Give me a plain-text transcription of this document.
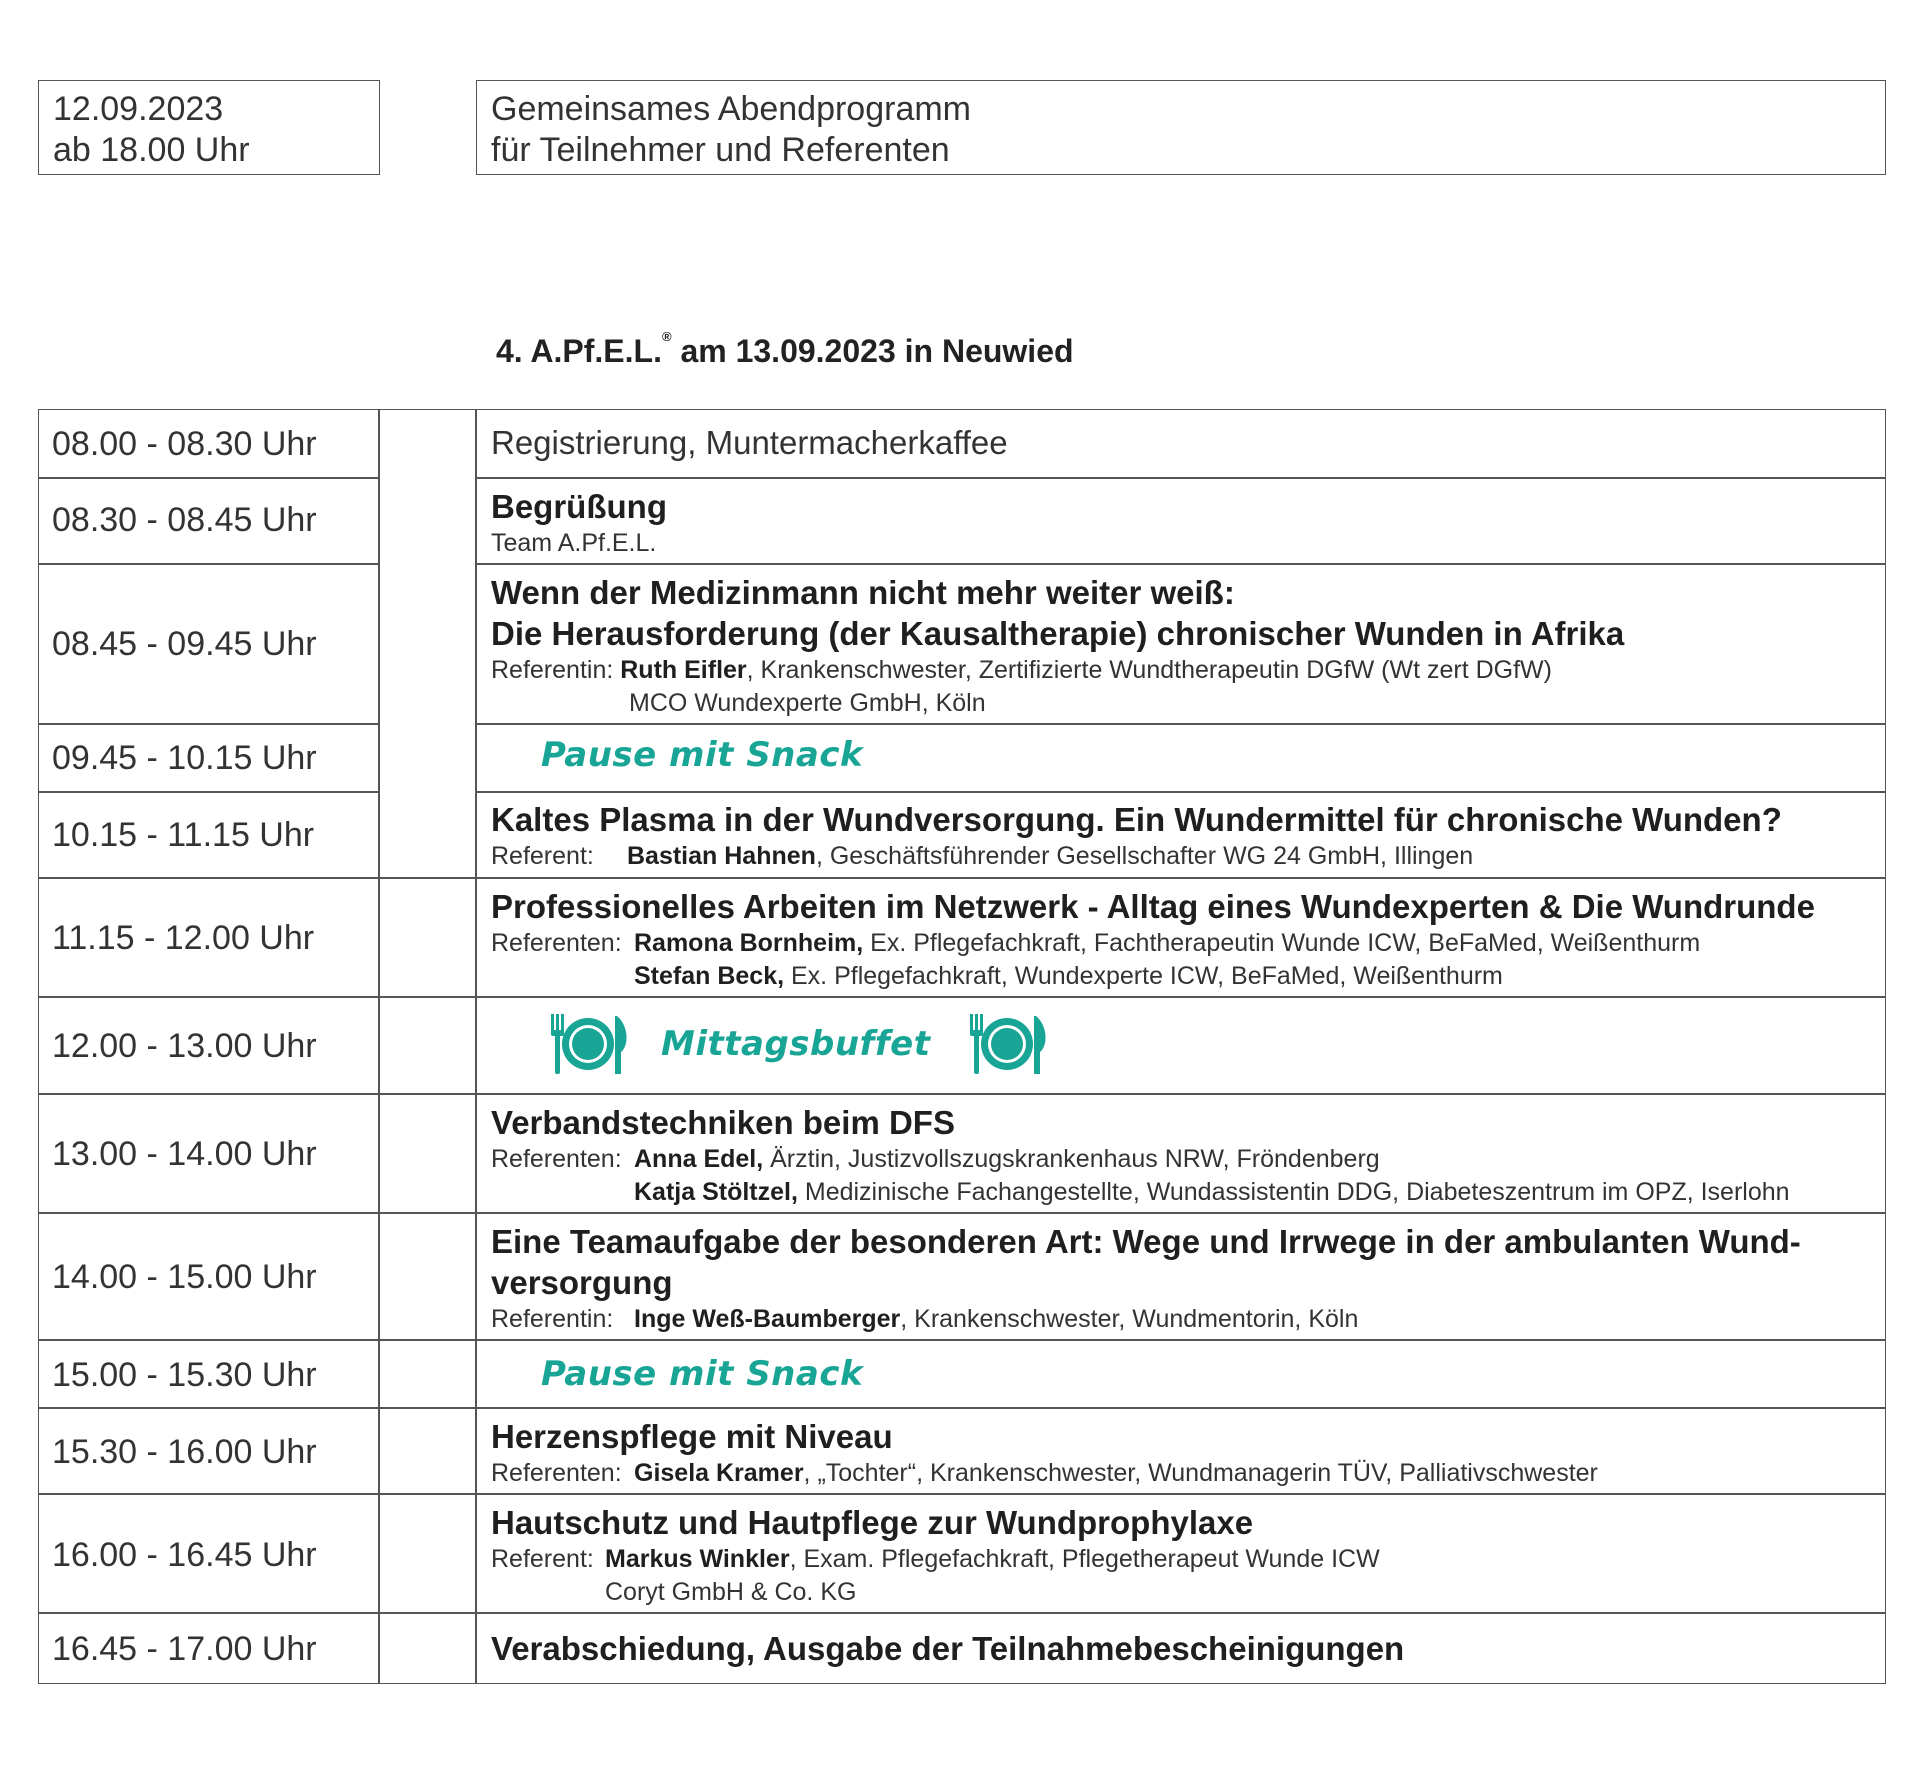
12.09.2023
ab 18.00 Uhr
Gemeinsames Abendprogramm
für Teilnehmer und Referenten
4. A.Pf.E.L.® am 13.09.2023 in Neuwied
08.00 - 08.30 Uhr
08.30 - 08.45 Uhr
08.45 - 09.45 Uhr
09.45 - 10.15 Uhr
10.15 - 11.15 Uhr
11.15 - 12.00 Uhr
12.00 - 13.00 Uhr
13.00 - 14.00 Uhr
14.00 - 15.00 Uhr
15.00 - 15.30 Uhr
15.30 - 16.00 Uhr
16.00 - 16.45 Uhr
16.45 - 17.00 Uhr
Registrierung, Muntermacherkaffee
Begrüßung
Team A.Pf.E.L.
Wenn der Medizinmann nicht mehr weiter weiß:
Die Herausforderung (der Kausaltherapie) chronischer Wunden in Afrika
Referentin: Ruth Eifler, Krankenschwester, Zertifizierte Wundtherapeutin DGfW (Wt zert DGfW)
MCO Wundexperte GmbH, Köln
Pause mit Snack
Kaltes Plasma in der Wundversorgung. Ein Wundermittel für chronische Wunden?
Referent: Bastian Hahnen, Geschäftsführender Gesellschafter WG 24 GmbH, Illingen
Professionelles Arbeiten im Netzwerk - Alltag eines Wundexperten & Die Wundrunde
Referenten: Ramona Bornheim, Ex. Pflegefachkraft, Fachtherapeutin Wunde ICW, BeFaMed, Weißenthurm
Stefan Beck, Ex. Pflegefachkraft, Wundexperte ICW, BeFaMed, Weißenthurm
Mittagsbuffet
Verbandstechniken beim DFS
Referenten: Anna Edel, Ärztin, Justizvollszugskrankenhaus NRW, Fröndenberg
Katja Stöltzel, Medizinische Fachangestellte, Wundassistentin DDG, Diabeteszentrum im OPZ, Iserlohn
Eine Teamaufgabe der besonderen Art: Wege und Irrwege in der ambulanten Wund-
versorgung
Referentin: Inge Weß-Baumberger, Krankenschwester, Wundmentorin, Köln
Pause mit Snack
Herzenspflege mit Niveau
Referenten: Gisela Kramer, „Tochter“, Krankenschwester, Wundmanagerin TÜV, Palliativschwester
Hautschutz und Hautpflege zur Wundprophylaxe
Referent: Markus Winkler, Exam. Pflegefachkraft, Pflegetherapeut Wunde ICW
Coryt GmbH & Co. KG
Verabschiedung, Ausgabe der Teilnahmebescheinigungen
